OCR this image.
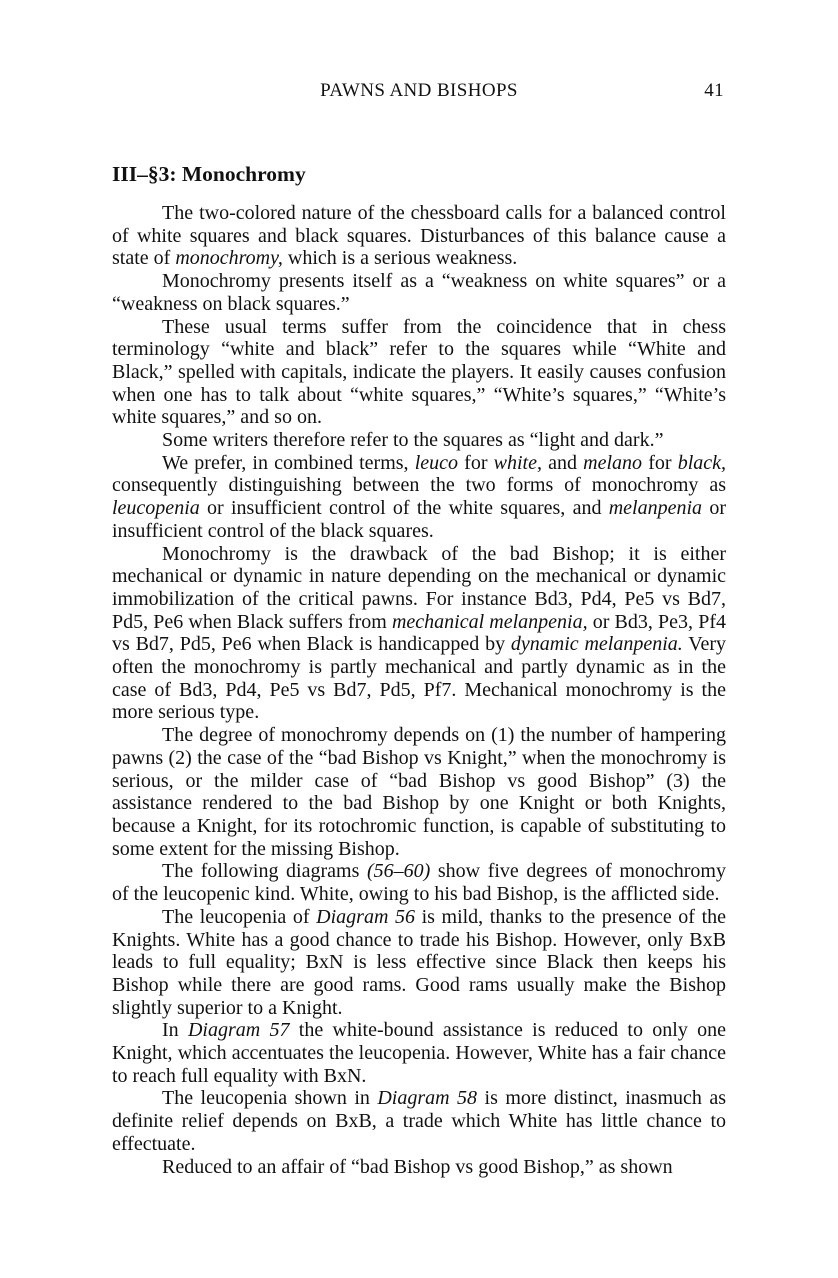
PAWNS AND BISHOPS	41
III–§3: Monochromy

The two-colored nature of the chessboard calls for a balanced control of white squares and black squares. Disturbances of this balance cause a state of monochromy, which is a serious weakness.

Monochromy presents itself as a “weakness on white squares” or a “weakness on black squares.”

These usual terms suffer from the coincidence that in chess terminology “white and black” refer to the squares while “White and Black,” spelled with capitals, indicate the players. It easily causes confusion when one has to talk about “white squares,” “White’s squares,” “White’s white squares,” and so on.

Some writers therefore refer to the squares as “light and dark.”

We prefer, in combined terms, leuco for white, and melano for black, consequently distinguishing between the two forms of monochromy as leucopenia or insufficient control of the white squares, and melanpenia or insufficient control of the black squares.

Monochromy is the drawback of the bad Bishop; it is either mechanical or dynamic in nature depending on the mechanical or dynamic immobilization of the critical pawns. For instance Bd3, Pd4, Pe5 vs Bd7, Pd5, Pe6 when Black suffers from mechanical melanpenia, or Bd3, Pe3, Pf4 vs Bd7, Pd5, Pe6 when Black is handicapped by dynamic melanpenia. Very often the monochromy is partly mechanical and partly dynamic as in the case of Bd3, Pd4, Pe5 vs Bd7, Pd5, Pf7. Mechanical monochromy is the more serious type.

The degree of monochromy depends on (1) the number of hampering pawns (2) the case of the “bad Bishop vs Knight,” when the monochromy is serious, or the milder case of “bad Bishop vs good Bishop” (3) the assistance rendered to the bad Bishop by one Knight or both Knights, because a Knight, for its rotochromic function, is capable of substituting to some extent for the missing Bishop.

The following diagrams (56–60) show five degrees of monochromy of the leucopenic kind. White, owing to his bad Bishop, is the afflicted side.

The leucopenia of Diagram 56 is mild, thanks to the presence of the Knights. White has a good chance to trade his Bishop. However, only BxB leads to full equality; BxN is less effective since Black then keeps his Bishop while there are good rams. Good rams usually make the Bishop slightly superior to a Knight.

In Diagram 57 the white-bound assistance is reduced to only one Knight, which accentuates the leucopenia. However, White has a fair chance to reach full equality with BxN.

The leucopenia shown in Diagram 58 is more distinct, inasmuch as definite relief depends on BxB, a trade which White has little chance to effectuate.

Reduced to an affair of “bad Bishop vs good Bishop,” as shown
